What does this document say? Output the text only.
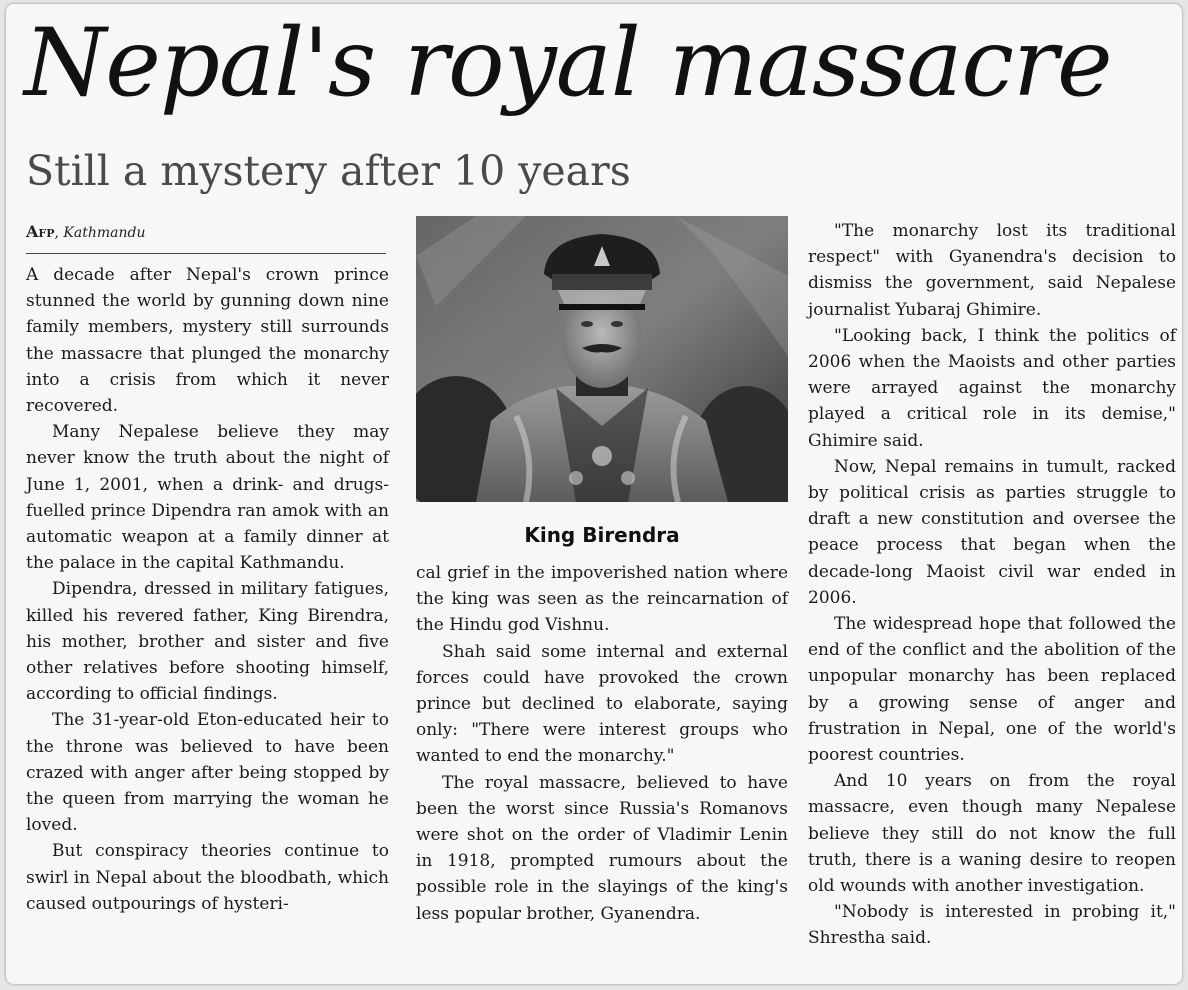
Nepal's royal massacre
Still a mystery after 10 years
Afp, Kathmandu

A decade after Nepal's crown prince stunned the world by gunning down nine family members, mystery still surrounds the massacre that plunged the monarchy into a crisis from which it never recovered.

Many Nepalese believe they may never know the truth about the night of June 1, 2001, when a drink- and drugs-fuelled prince Dipendra ran amok with an automatic weapon at a family dinner at the palace in the capital Kathmandu.

Dipendra, dressed in military fatigues, killed his revered father, King Birendra, his mother, brother and sister and five other relatives before shooting himself, according to official findings.

The 31-year-old Eton-educated heir to the throne was believed to have been crazed with anger after being stopped by the queen from marrying the woman he loved.

But conspiracy theories continue to swirl in Nepal about the bloodbath, which caused outpourings of hysteri-

King Birendra

cal grief in the impoverished nation where the king was seen as the reincarnation of the Hindu god Vishnu.

Shah said some internal and external forces could have provoked the crown prince but declined to elaborate, saying only: "There were interest groups who wanted to end the monarchy."

The royal massacre, believed to have been the worst since Russia's Romanovs were shot on the order of Vladimir Lenin in 1918, prompted rumours about the possible role in the slayings of the king's less popular brother, Gyanendra.

"The monarchy lost its traditional respect" with Gyanendra's decision to dismiss the government, said Nepalese journalist Yubaraj Ghimire.

"Looking back, I think the politics of 2006 when the Maoists and other parties were arrayed against the monarchy played a critical role in its demise," Ghimire said.

Now, Nepal remains in tumult, racked by political crisis as parties struggle to draft a new constitution and oversee the peace process that began when the decade-long Maoist civil war ended in 2006.

The widespread hope that followed the end of the conflict and the abolition of the unpopular monarchy has been replaced by a growing sense of anger and frustration in Nepal, one of the world's poorest countries.

And 10 years on from the royal massacre, even though many Nepalese believe they still do not know the full truth, there is a waning desire to reopen old wounds with another investigation.

"Nobody is interested in probing it," Shrestha said.
